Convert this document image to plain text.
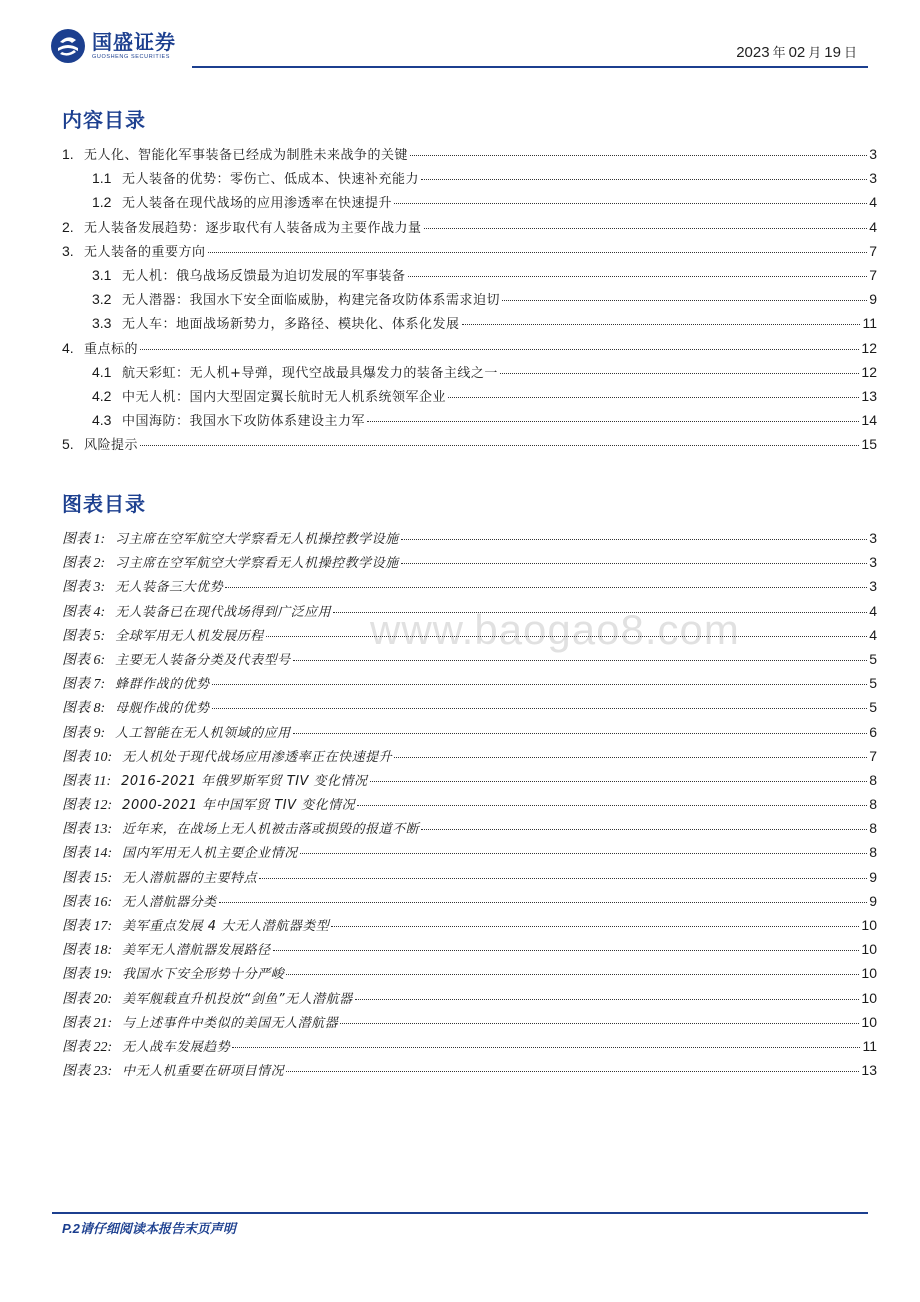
国盛证券
GUOSHENG SECURITIES	2023 年 02 月 19 日
内容目录
1. 无人化、智能化军事装备已经成为制胜未来战争的关键	3
1.1 无人装备的优势：零伤亡、低成本、快速补充能力	3
1.2 无人装备在现代战场的应用渗透率在快速提升	4
2. 无人装备发展趋势：逐步取代有人装备成为主要作战力量	4
3. 无人装备的重要方向	7
3.1 无人机：俄乌战场反馈最为迫切发展的军事装备	7
3.2 无人潜器：我国水下安全面临威胁，构建完备攻防体系需求迫切	9
3.3 无人车：地面战场新势力，多路径、模块化、体系化发展	11
4. 重点标的	12
4.1 航天彩虹：无人机+导弹，现代空战最具爆发力的装备主线之一	12
4.2 中无人机：国内大型固定翼长航时无人机系统领军企业	13
4.3 中国海防：我国水下攻防体系建设主力军	14
5. 风险提示	15
www.baogao8.com
图表目录
图表 1: 习主席在空军航空大学察看无人机操控教学设施	3
图表 2: 习主席在空军航空大学察看无人机操控教学设施	3
图表 3: 无人装备三大优势	3
图表 4: 无人装备已在现代战场得到广泛应用	4
图表 5: 全球军用无人机发展历程	4
图表 6: 主要无人装备分类及代表型号	5
图表 7: 蜂群作战的优势	5
图表 8: 母舰作战的优势	5
图表 9: 人工智能在无人机领域的应用	6
图表 10: 无人机处于现代战场应用渗透率正在快速提升	7
图表 11: 2016-2021 年俄罗斯军贸 TIV 变化情况	8
图表 12: 2000-2021 年中国军贸 TIV 变化情况	8
图表 13: 近年来，在战场上无人机被击落或损毁的报道不断	8
图表 14: 国内军用无人机主要企业情况	8
图表 15: 无人潜航器的主要特点	9
图表 16: 无人潜航器分类	9
图表 17: 美军重点发展 4 大无人潜航器类型	10
图表 18: 美军无人潜航器发展路径	10
图表 19: 我国水下安全形势十分严峻	10
图表 20: 美军舰载直升机投放“剑鱼”无人潜航器	10
图表 21: 与上述事件中类似的美国无人潜航器	10
图表 22: 无人战车发展趋势	11
图表 23: 中无人机重要在研项目情况	13
P.2请仔细阅读本报告末页声明
